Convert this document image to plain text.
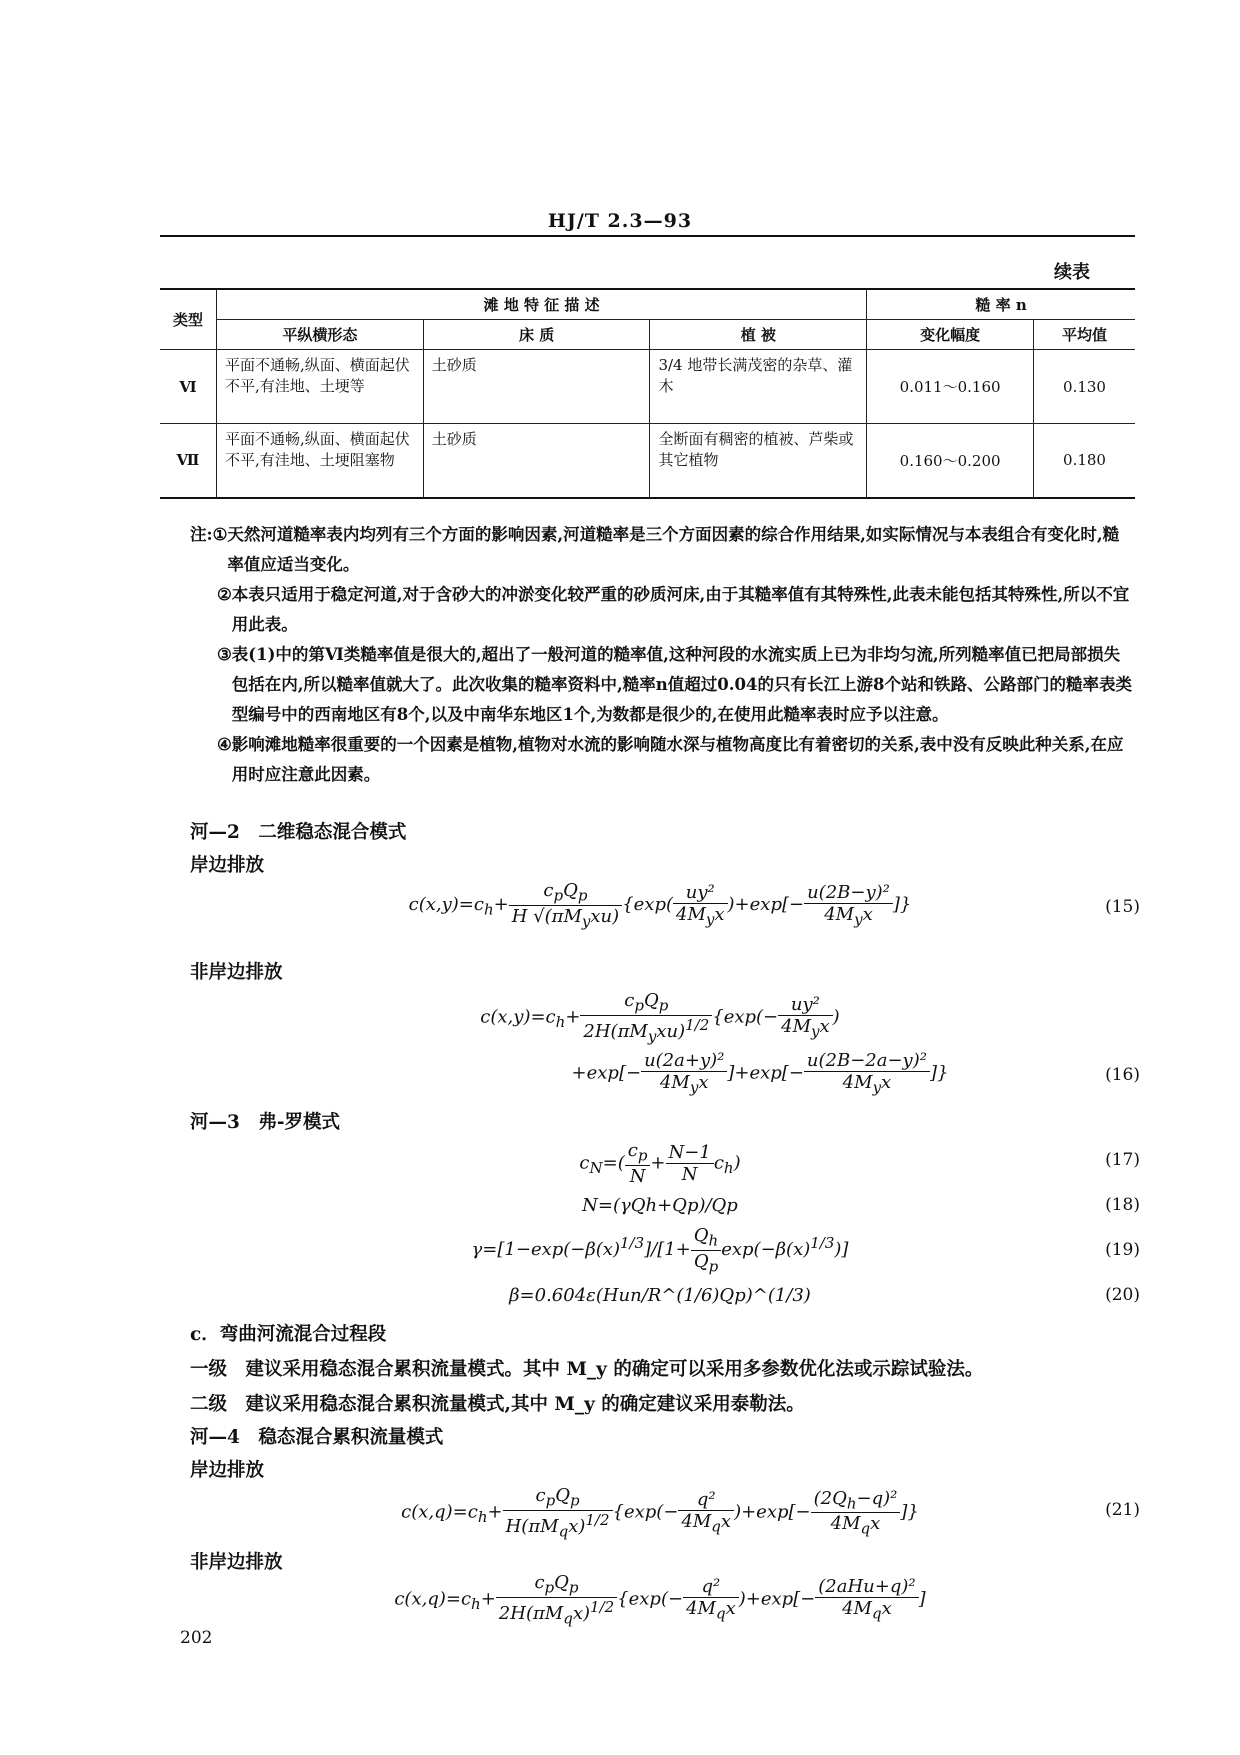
HJ/T 2.3—93
续表
类型	滩 地 特 征 描 述			糙 率 n	
	平纵横形态	床 质	植 被	变化幅度	平均值
Ⅵ	平面不通畅,纵面、横面起伏不平,有洼地、土埂等	土砂质	3/4 地带长满茂密的杂草、灌木	0.011～0.160	0.130
Ⅶ	平面不通畅,纵面、横面起伏不平,有洼地、土埂阻塞物	土砂质	全断面有稠密的植被、芦柴或其它植物	0.160～0.200	0.180
注: ① 天然河道糙率表内均列有三个方面的影响因素,河道糙率是三个方面因素的综合作用结果,如实际情况与本表组合有变化时,糙率值应适当变化。
② 本表只适用于稳定河道,对于含砂大的冲淤变化较严重的砂质河床,由于其糙率值有其特殊性,此表未能包括其特殊性,所以不宜用此表。
③ 表(1)中的第Ⅵ类糙率值是很大的,超出了一般河道的糙率值,这种河段的水流实质上已为非均匀流,所列糙率值已把局部损失包括在内,所以糙率值就大了。此次收集的糙率资料中,糙率n值超过0.04的只有长江上游8个站和铁路、公路部门的糙率表类型编号中的西南地区有8个,以及中南华东地区1个,为数都是很少的,在使用此糙率表时应予以注意。
④ 影响滩地糙率很重要的一个因素是植物,植物对水流的影响随水深与植物高度比有着密切的关系,表中没有反映此种关系,在应用时应注意此因素。
河—2　二维稳态混合模式
岸边排放
$c(x,y)=c_h+ \frac{c_pQ_p}{H √(\pi M_yxu)} \{\exp( \frac{\text{uy²}}{4M_yx} )+\exp[- \frac{\text{u(2B−y)²}}{4M_yx}$ ]}	(15)
非岸边排放
$c(x,y)=c_h+ \frac{c_pQ_p}{2H(\pi M_yxu)^{1/2}} \{\exp(- \frac{\text{uy²}}{4M_yx}$ )
$+\exp[- \frac{\text{u(2a+y)²}}{4M_yx} ]+\exp[- \frac{\text{u(2B−2a−y)²}}{4M_yx}$ ]}	(16)
河—3　弗-罗模式
$c_N=( \frac{c_p}{N} + \frac{N-1}{N} c_h)$	(17)
N=(γQh+Qp)/Qp	(18)
$\gamma=[1-\exp(-\beta(x)^{1/3}]/[1+ \frac{Q_h}{Q_p} \exp(-\beta(x)^{1/3})]$	(19)
β=0.604ε(Hun/R^(1/6)Qp)^(1/3)	(20)
c．弯曲河流混合过程段
一级　建议采用稳态混合累积流量模式。其中 M_y 的确定可以采用多参数优化法或示踪试验法。
二级　建议采用稳态混合累积流量模式,其中 M_y 的确定建议采用泰勒法。
河—4　稳态混合累积流量模式
岸边排放
$c(x,q)=c_h+ \frac{c_pQ_p}{H(\pi M_qx)^{1/2}} \{\exp(- \frac{\text{q²}}{4M_qx} )+\exp[- \frac{(2Q_h-q)^2}{4M_qx}$ ]}	(21)
非岸边排放
$c(x,q)=c_h+ \frac{c_pQ_p}{2H(\pi M_qx)^{1/2}} \{\exp(- \frac{\text{q²}}{4M_qx} )+\exp[- \frac{\text{(2aHu+q)²}}{4M_qx}$ ]
202
